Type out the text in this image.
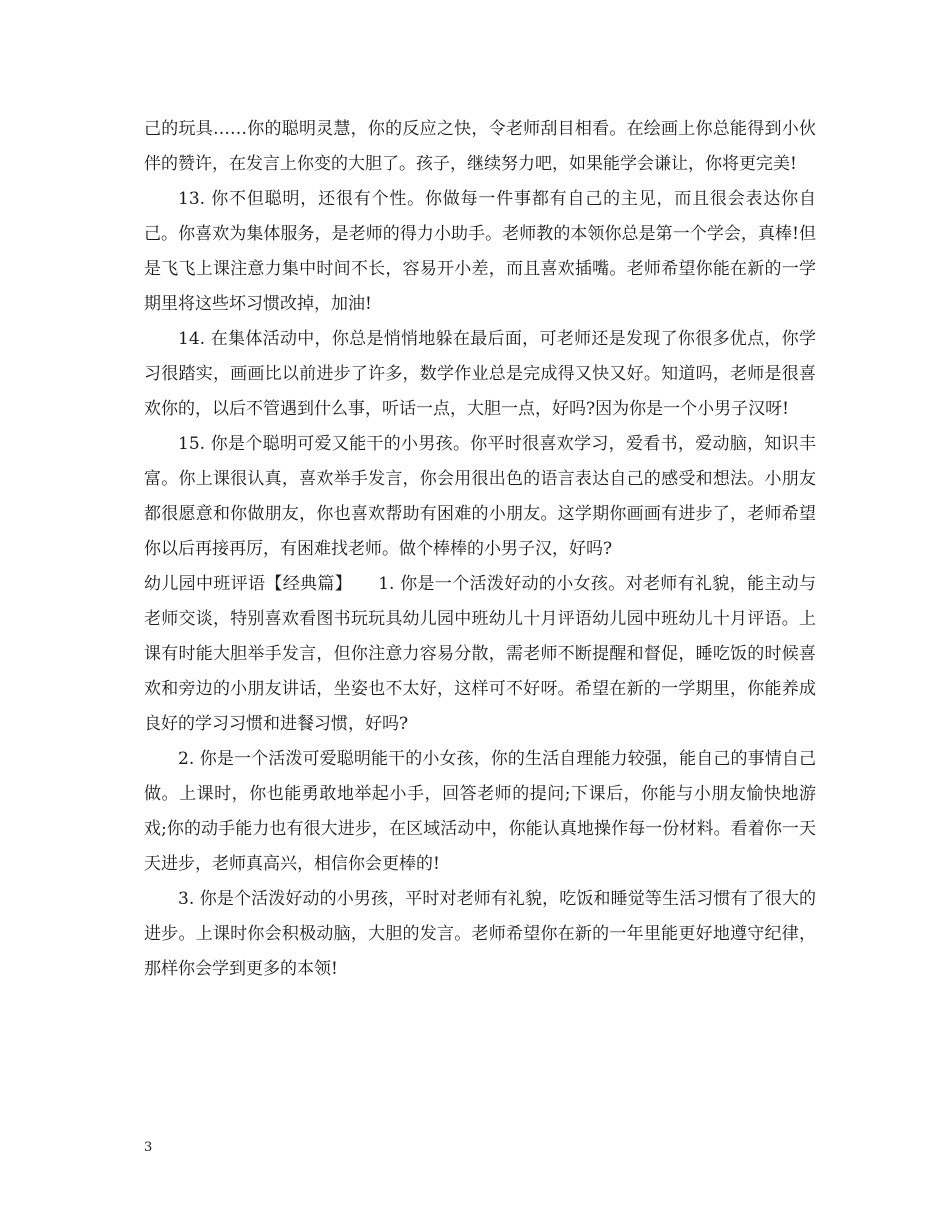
己的玩具……你的聪明灵慧，你的反应之快，令老师刮目相看。在绘画上你总能得到小伙伴的赞许，在发言上你变的大胆了。孩子，继续努力吧，如果能学会谦让，你将更完美!

13. 你不但聪明，还很有个性。你做每一件事都有自己的主见，而且很会表达你自己。你喜欢为集体服务，是老师的得力小助手。老师教的本领你总是第一个学会，真棒!但是飞飞上课注意力集中时间不长，容易开小差，而且喜欢插嘴。老师希望你能在新的一学期里将这些坏习惯改掉，加油!

14. 在集体活动中，你总是悄悄地躲在最后面，可老师还是发现了你很多优点，你学习很踏实，画画比以前进步了许多，数学作业总是完成得又快又好。知道吗，老师是很喜欢你的，以后不管遇到什么事，听话一点，大胆一点，好吗?因为你是一个小男子汉呀!

15. 你是个聪明可爱又能干的小男孩。你平时很喜欢学习，爱看书，爱动脑，知识丰富。你上课很认真，喜欢举手发言，你会用很出色的语言表达自己的感受和想法。小朋友都很愿意和你做朋友，你也喜欢帮助有困难的小朋友。这学期你画画有进步了，老师希望你以后再接再厉，有困难找老师。做个棒棒的小男子汉，好吗?

幼儿园中班评语【经典篇】　　1. 你是一个活泼好动的小女孩。对老师有礼貌，能主动与老师交谈，特别喜欢看图书玩玩具幼儿园中班幼儿十月评语幼儿园中班幼儿十月评语。上课有时能大胆举手发言，但你注意力容易分散，需老师不断提醒和督促，睡吃饭的时候喜欢和旁边的小朋友讲话，坐姿也不太好，这样可不好呀。希望在新的一学期里，你能养成良好的学习习惯和进餐习惯，好吗?

2. 你是一个活泼可爱聪明能干的小女孩，你的生活自理能力较强，能自己的事情自己做。上课时，你也能勇敢地举起小手，回答老师的提问;下课后，你能与小朋友愉快地游戏;你的动手能力也有很大进步，在区域活动中，你能认真地操作每一份材料。看着你一天天进步，老师真高兴，相信你会更棒的!

3. 你是个活泼好动的小男孩，平时对老师有礼貌，吃饭和睡觉等生活习惯有了很大的进步。上课时你会积极动脑，大胆的发言。老师希望你在新的一年里能更好地遵守纪律，那样你会学到更多的本领!

3
